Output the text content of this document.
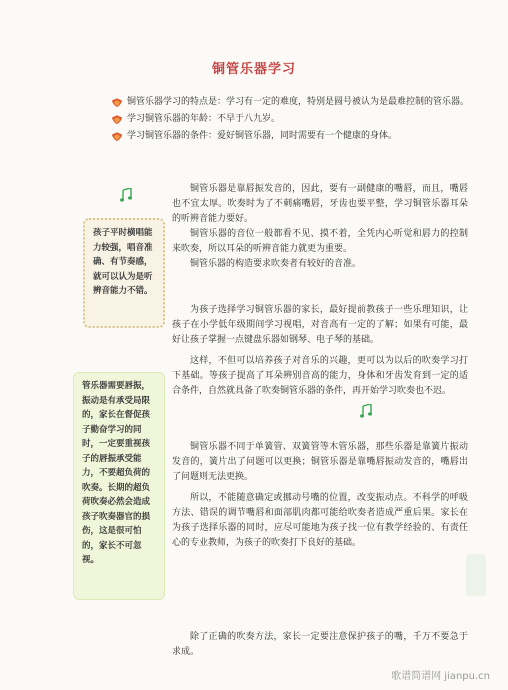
铜管乐器学习
铜管乐器学习的特点是：学习有一定的难度，特别是圆号被认为是最难控制的管乐器。
学习铜管乐器的年龄：不早于八九岁。
学习铜管乐器的条件：爱好铜管乐器，同时需要有一个健康的身体。
孩子平时横唱能力较强，唱音准确、有节奏感，就可以认为是听辨音能力不错。
管乐器需要唇振，振动是有承受局限的，家长在督促孩子勤奋学习的同时，一定要重视孩子的唇振承受能力，不要超负荷的吹奏。长期的超负荷吹奏必然会造成孩子吹奏器官的损伤，这是很可怕的，家长不可忽视。

铜管乐器是靠唇振发音的，因此，要有一副健康的嘴唇，而且，嘴唇也不宜太厚。吹奏时为了不刺痛嘴唇，牙齿也要平整，学习铜管乐器耳朵的听辨音能力要好。

铜管乐器的音位一般都看不见、摸不着，全凭内心听觉和唇力的控制来吹奏，所以耳朵的听辨音能力就更为重要。

铜管乐器的构造要求吹奏者有较好的音准。

为孩子选择学习铜管乐器的家长，最好提前教孩子一些乐理知识，让孩子在小学低年级期间学习视唱，对音高有一定的了解；如果有可能，最好让孩子掌握一点键盘乐器如钢琴、电子琴的基础。

这样，不但可以培养孩子对音乐的兴趣，更可以为以后的吹奏学习打下基础。等孩子提高了耳朵辨别音高的能力，身体和牙齿发育到一定的适合条件，自然就具备了吹奏铜管乐器的条件，再开始学习吹奏也不迟。

铜管乐器不同于单簧管、双簧管等木管乐器，那些乐器是靠簧片振动发音的，簧片出了问题可以更换；铜管乐器是靠嘴唇振动发音的，嘴唇出了问题则无法更换。

所以，不能随意确定或挪动号嘴的位置，改变振动点。不科学的呼吸方法、错误的调节嘴唇和面部肌肉都可能给吹奏者造成严重后果。家长在为孩子选择乐器的同时，应尽可能地为孩子找一位有教学经验的、有责任心的专业教师，为孩子的吹奏打下良好的基础。

除了正确的吹奏方法，家长一定要注意保护孩子的嘴，千万不要急于求成。

歌谱简谱网 jianpu.cn
